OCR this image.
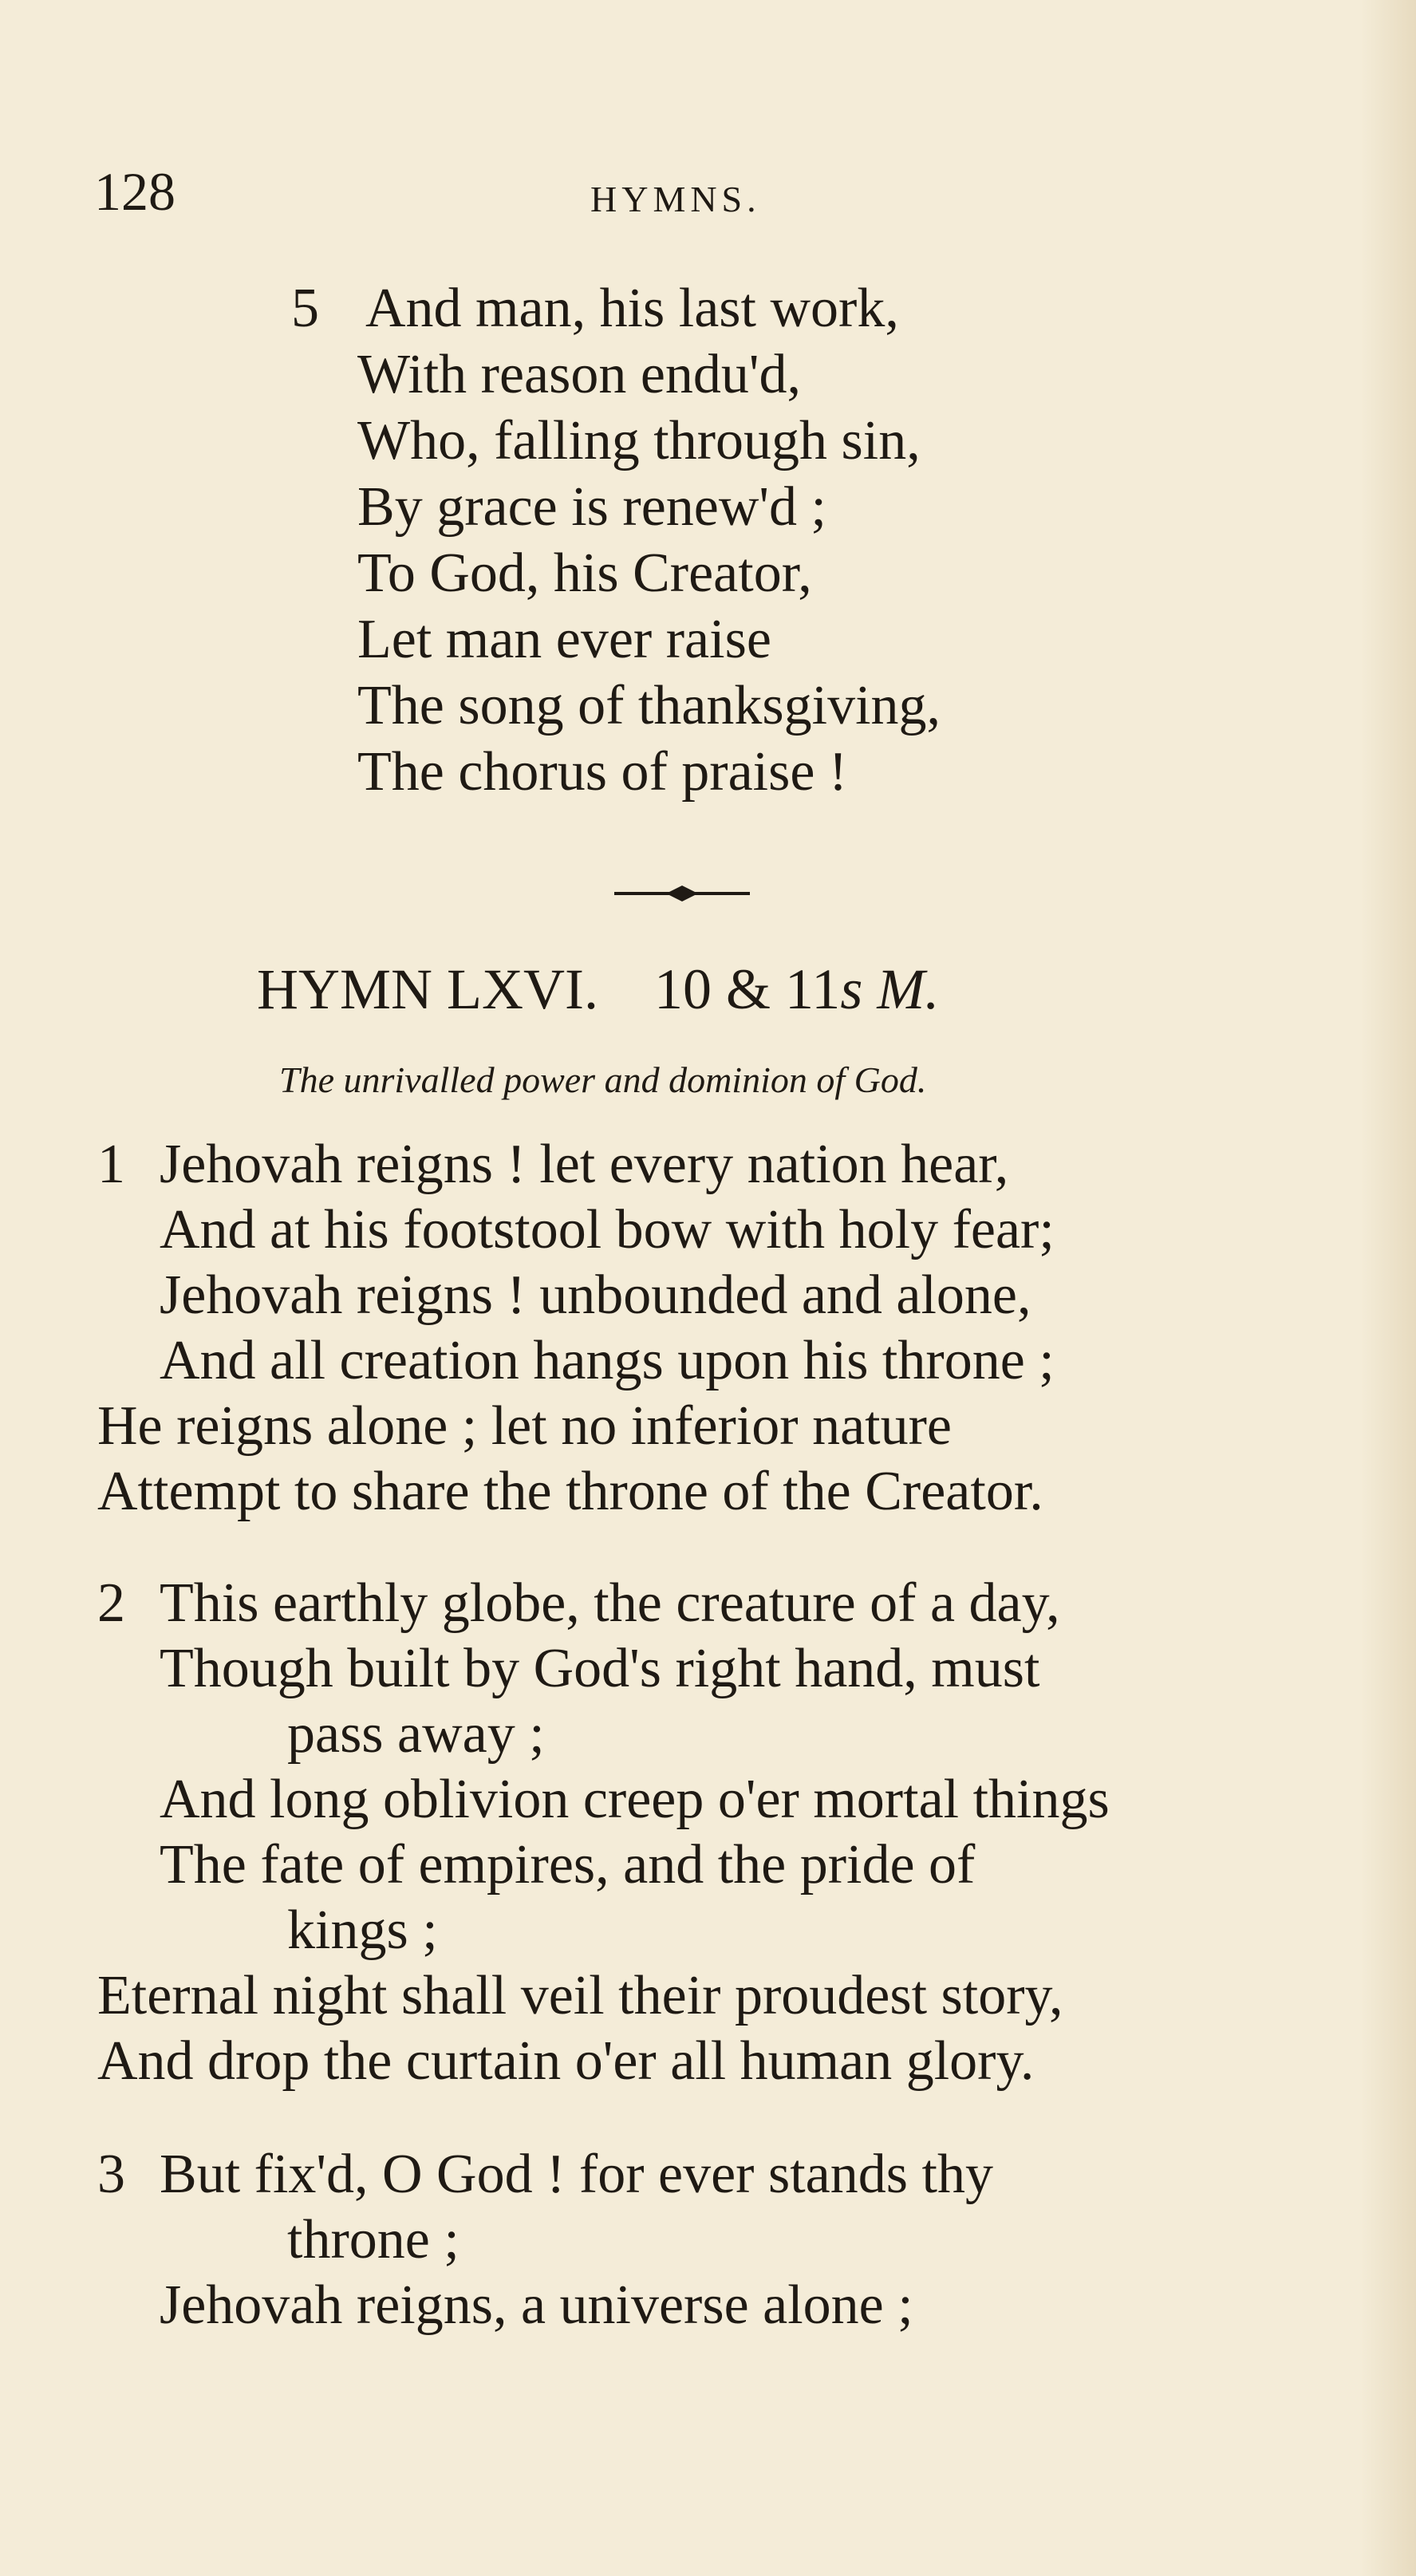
128	HYMNS.
5 And man, his last work,
With reason endu'd,
Who, falling through sin,
By grace is renew'd ;
To God, his Creator,
Let man ever raise
The song of thanksgiving,
The chorus of praise !
HYMN LXVI. 10 & 11s M.
The unrivalled power and dominion of God.
1 Jehovah reigns ! let every nation hear,
And at his footstool bow with holy fear;
Jehovah reigns ! unbounded and alone,
And all creation hangs upon his throne ;
He reigns alone ; let no inferior nature
Attempt to share the throne of the Creator.
2 This earthly globe, the creature of a day,
Though built by God's right hand, must
pass away ;
And long oblivion creep o'er mortal things
The fate of empires, and the pride of
kings ;
Eternal night shall veil their proudest story,
And drop the curtain o'er all human glory.
3 But fix'd, O God ! for ever stands thy
throne ;
Jehovah reigns, a universe alone ;
